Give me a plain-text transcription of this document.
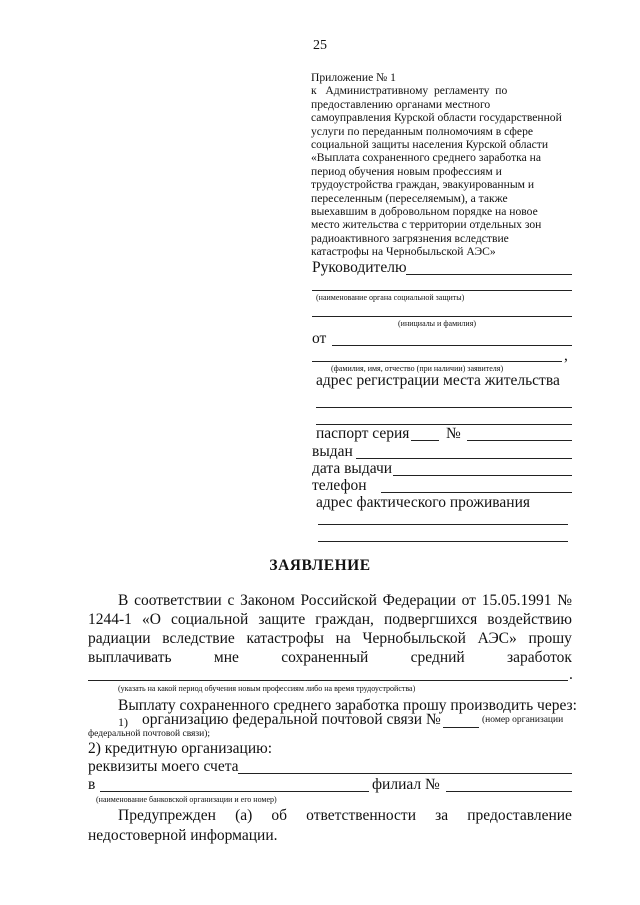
25
Приложение № 1
к   Административному  регламенту  по
предоставлению органами местного
самоуправления Курской области государственной
услуги по переданным полномочиям в сфере
социальной защиты населения Курской области
«Выплата сохраненного среднего заработка на
период обучения новым профессиям и
трудоустройства граждан, эвакуированным и
переселенным (переселяемым), а также
выехавшим в добровольном порядке на новое
место жительства с территории отдельных зон
радиоактивного загрязнения вследствие
катастрофы на Чернобыльской АЭС»
Руководителю
(наименование органа социальной защиты)
(инициалы и фамилия)
от
,
(фамилия, имя, отчество (при наличии) заявителя)
адрес регистрации места жительства
паспорт серия №
выдан
дата выдачи
телефон
адрес фактического проживания
ЗАЯВЛЕНИЕ
В соответствии с Законом Российской Федерации от 15.05.1991 №
1244-1 «О социальной защите граждан, подвергшихся воздействию
радиации вследствие катастрофы на Чернобыльской АЭС» прошу
выплачивать	мне	сохраненный	средний	заработок
.
(указать на какой период обучения новым профессиям либо на время трудоустройства)
Выплату сохраненного среднего заработка прошу производить через:
1) организацию федеральной почтовой связи №	(номер организации
федеральной почтовой связи);
2) кредитную организацию:
реквизиты моего счета
в	филиал №
(наименование банковской организации и его номер)
Предупрежден (а) об ответственности за предоставление
недостоверной информации.
